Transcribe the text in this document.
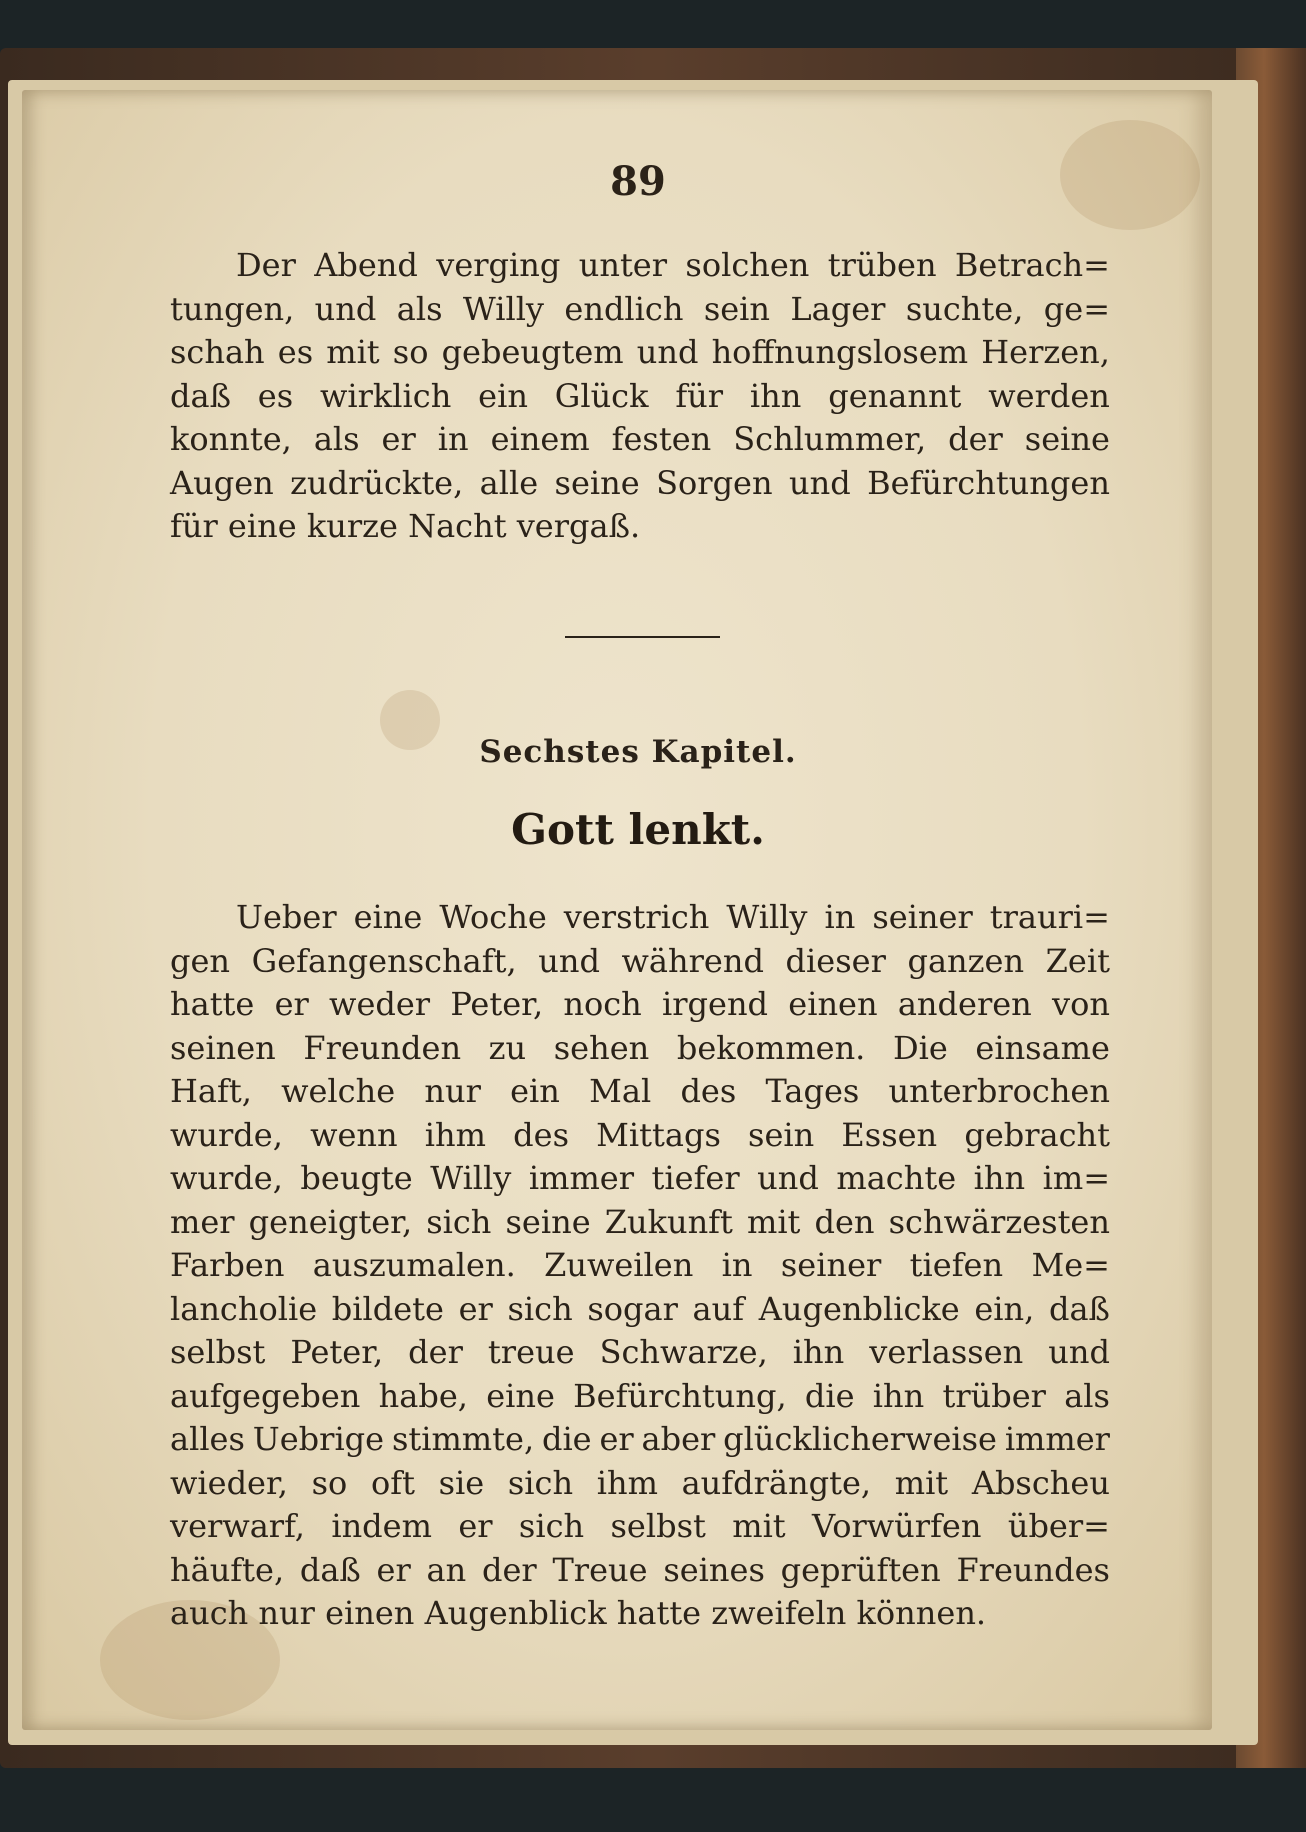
89
Der Abend verging unter solchen trüben Betrach=
tungen, und als Willy endlich sein Lager suchte, ge=
schah es mit so gebeugtem und hoffnungslosem Herzen,
daß es wirklich ein Glück für ihn genannt werden
konnte, als er in einem festen Schlummer, der seine
Augen zudrückte, alle seine Sorgen und Befürchtungen
für eine kurze Nacht vergaß.
Sechstes Kapitel.
Gott lenkt.
Ueber eine Woche verstrich Willy in seiner trauri=
gen Gefangenschaft, und während dieser ganzen Zeit
hatte er weder Peter, noch irgend einen anderen von
seinen Freunden zu sehen bekommen. Die einsame
Haft, welche nur ein Mal des Tages unterbrochen
wurde, wenn ihm des Mittags sein Essen gebracht
wurde, beugte Willy immer tiefer und machte ihn im=
mer geneigter, sich seine Zukunft mit den schwärzesten
Farben auszumalen. Zuweilen in seiner tiefen Me=
lancholie bildete er sich sogar auf Augenblicke ein, daß
selbst Peter, der treue Schwarze, ihn verlassen und
aufgegeben habe, eine Befürchtung, die ihn trüber als
alles Uebrige stimmte, die er aber glücklicherweise immer
wieder, so oft sie sich ihm aufdrängte, mit Abscheu
verwarf, indem er sich selbst mit Vorwürfen über=
häufte, daß er an der Treue seines geprüften Freundes
auch nur einen Augenblick hatte zweifeln können.
